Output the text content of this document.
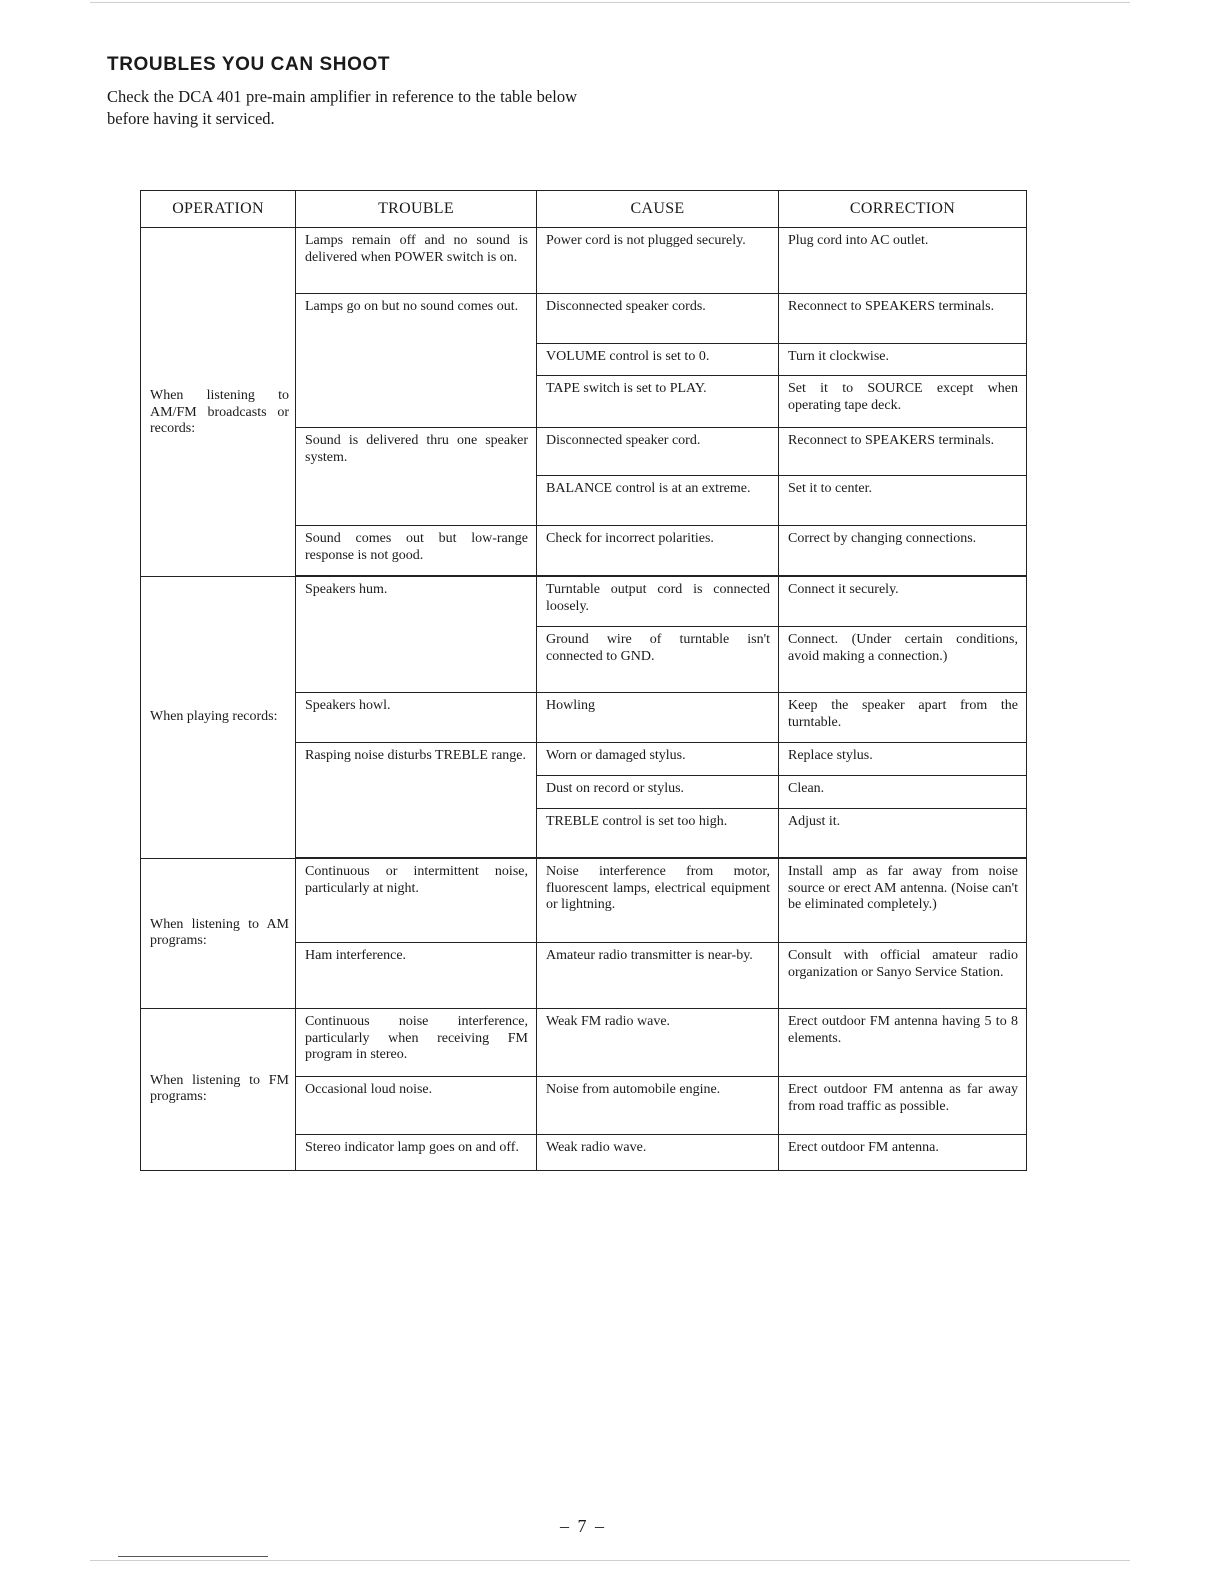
TROUBLES YOU CAN SHOOT
Check the DCA 401 pre-main amplifier in reference to the table below before having it serviced.
OPERATION	TROUBLE	CAUSE	CORRECTION
When listening to AM/FM broadcasts or records:	Lamps remain off and no sound is delivered when POWER switch is on.	Power cord is not plugged securely.	Plug cord into AC outlet.
	Lamps go on but no sound comes out.	Disconnected speaker cords.	Reconnect to SPEAKERS terminals.
		VOLUME control is set to 0.	Turn it clockwise.
		TAPE switch is set to PLAY.	Set it to SOURCE except when operating tape deck.
	Sound is delivered thru one speaker system.	Disconnected speaker cord.	Reconnect to SPEAKERS terminals.
		BALANCE control is at an extreme.	Set it to center.
	Sound comes out but low-range response is not good.	Check for incorrect polarities.	Correct by changing connections.

When playing records:	Speakers hum.	Turntable output cord is connected loosely.	Connect it securely.
		Ground wire of turntable isn't connected to GND.	Connect. (Under certain conditions, avoid making a connection.)
	Speakers howl.	Howling	Keep the speaker apart from the turntable.
	Rasping noise disturbs TREBLE range.	Worn or damaged stylus.	Replace stylus.
		Dust on record or stylus.	Clean.
		TREBLE control is set too high.	Adjust it.

When listening to AM programs:	Continuous or intermittent noise, particularly at night.	Noise interference from motor, fluorescent lamps, electrical equipment or lightning.	Install amp as far away from noise source or erect AM antenna. (Noise can't be eliminated completely.)
	Ham interference.	Amateur radio transmitter is near-by.	Consult with official amateur radio organization or Sanyo Service Station.
When listening to FM programs:	Continuous noise interference, particularly when receiving FM program in stereo.	Weak FM radio wave.	Erect outdoor FM antenna having 5 to 8 elements.
	Occasional loud noise.	Noise from automobile engine.	Erect outdoor FM antenna as far away from road traffic as possible.
	Stereo indicator lamp goes on and off.	Weak radio wave.	Erect outdoor FM antenna.
– 7 –
